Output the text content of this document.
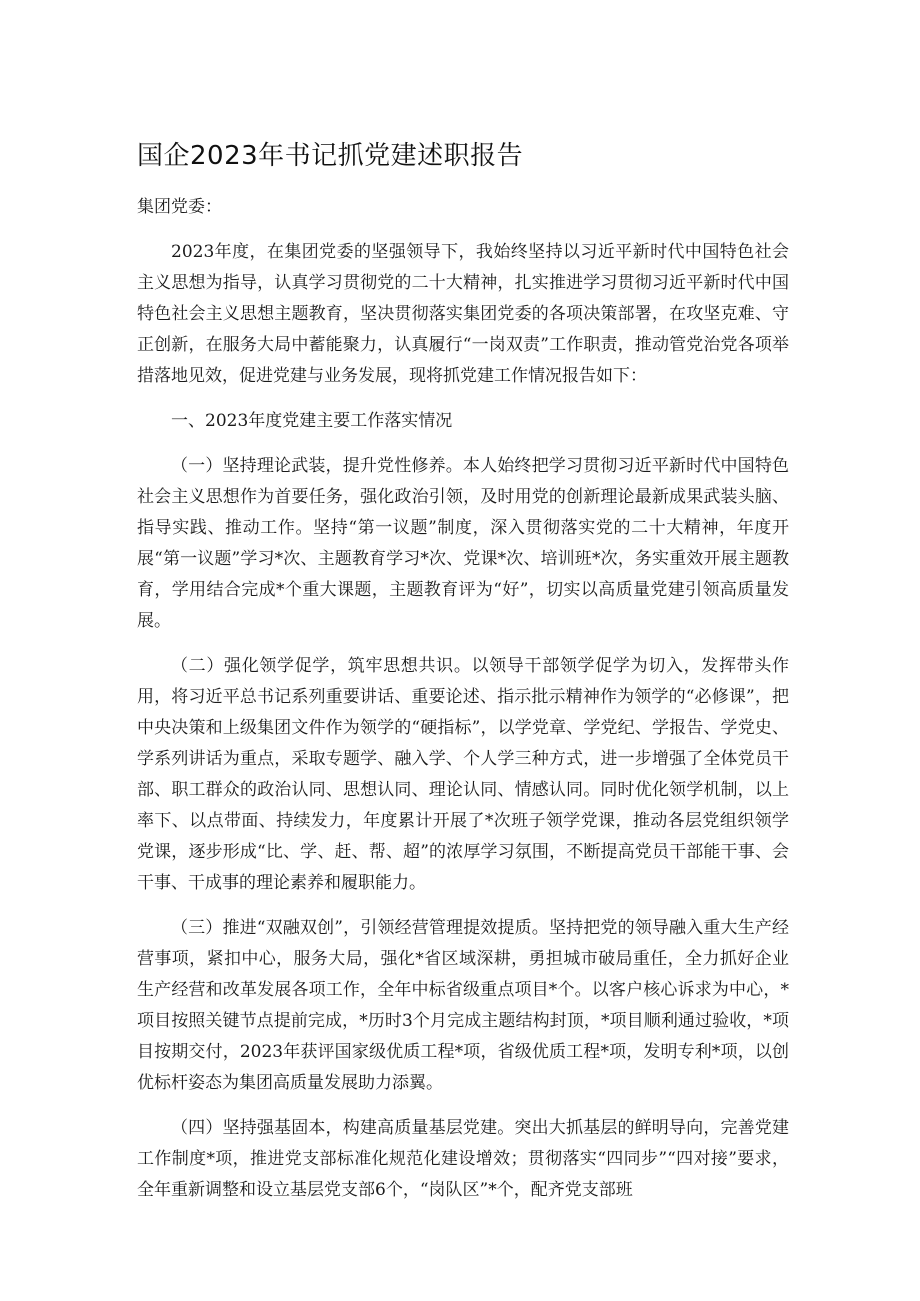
国企2023年书记抓党建述职报告

集团党委：

2023年度，在集团党委的坚强领导下，我始终坚持以习近平新时代中国特色社会主义思想为指导，认真学习贯彻党的二十大精神，扎实推进学习贯彻习近平新时代中国特色社会主义思想主题教育，坚决贯彻落实集团党委的各项决策部署，在攻坚克难、守正创新，在服务大局中蓄能聚力，认真履行“一岗双责”工作职责，推动管党治党各项举措落地见效，促进党建与业务发展，现将抓党建工作情况报告如下：

一、2023年度党建主要工作落实情况

（一）坚持理论武装，提升党性修养。本人始终把学习贯彻习近平新时代中国特色社会主义思想作为首要任务，强化政治引领，及时用党的创新理论最新成果武装头脑、指导实践、推动工作。坚持“第一议题”制度，深入贯彻落实党的二十大精神，年度开展“第一议题”学习*次、主题教育学习*次、党课*次、培训班*次，务实重效开展主题教育，学用结合完成*个重大课题，主题教育评为“好”，切实以高质量党建引领高质量发展。

（二）强化领学促学，筑牢思想共识。以领导干部领学促学为切入，发挥带头作用，将习近平总书记系列重要讲话、重要论述、指示批示精神作为领学的“必修课”，把中央决策和上级集团文件作为领学的“硬指标”，以学党章、学党纪、学报告、学党史、学系列讲话为重点，采取专题学、融入学、个人学三种方式，进一步增强了全体党员干部、职工群众的政治认同、思想认同、理论认同、情感认同。同时优化领学机制，以上率下、以点带面、持续发力，年度累计开展了*次班子领学党课，推动各层党组织领学党课，逐步形成“比、学、赶、帮、超”的浓厚学习氛围，不断提高党员干部能干事、会干事、干成事的理论素养和履职能力。

（三）推进“双融双创”，引领经营管理提效提质。坚持把党的领导融入重大生产经营事项，紧扣中心，服务大局，强化*省区域深耕，勇担城市破局重任，全力抓好企业生产经营和改革发展各项工作，全年中标省级重点项目*个。以客户核心诉求为中心，*项目按照关键节点提前完成，*历时3个月完成主题结构封顶，*项目顺利通过验收，*项目按期交付，2023年获评国家级优质工程*项，省级优质工程*项，发明专利*项，以创优标杆姿态为集团高质量发展助力添翼。

（四）坚持强基固本，构建高质量基层党建。突出大抓基层的鲜明导向，完善党建工作制度*项，推进党支部标准化规范化建设增效；贯彻落实“四同步”“四对接”要求，全年重新调整和设立基层党支部6个，“岗队区”*个，配齐党支部班
